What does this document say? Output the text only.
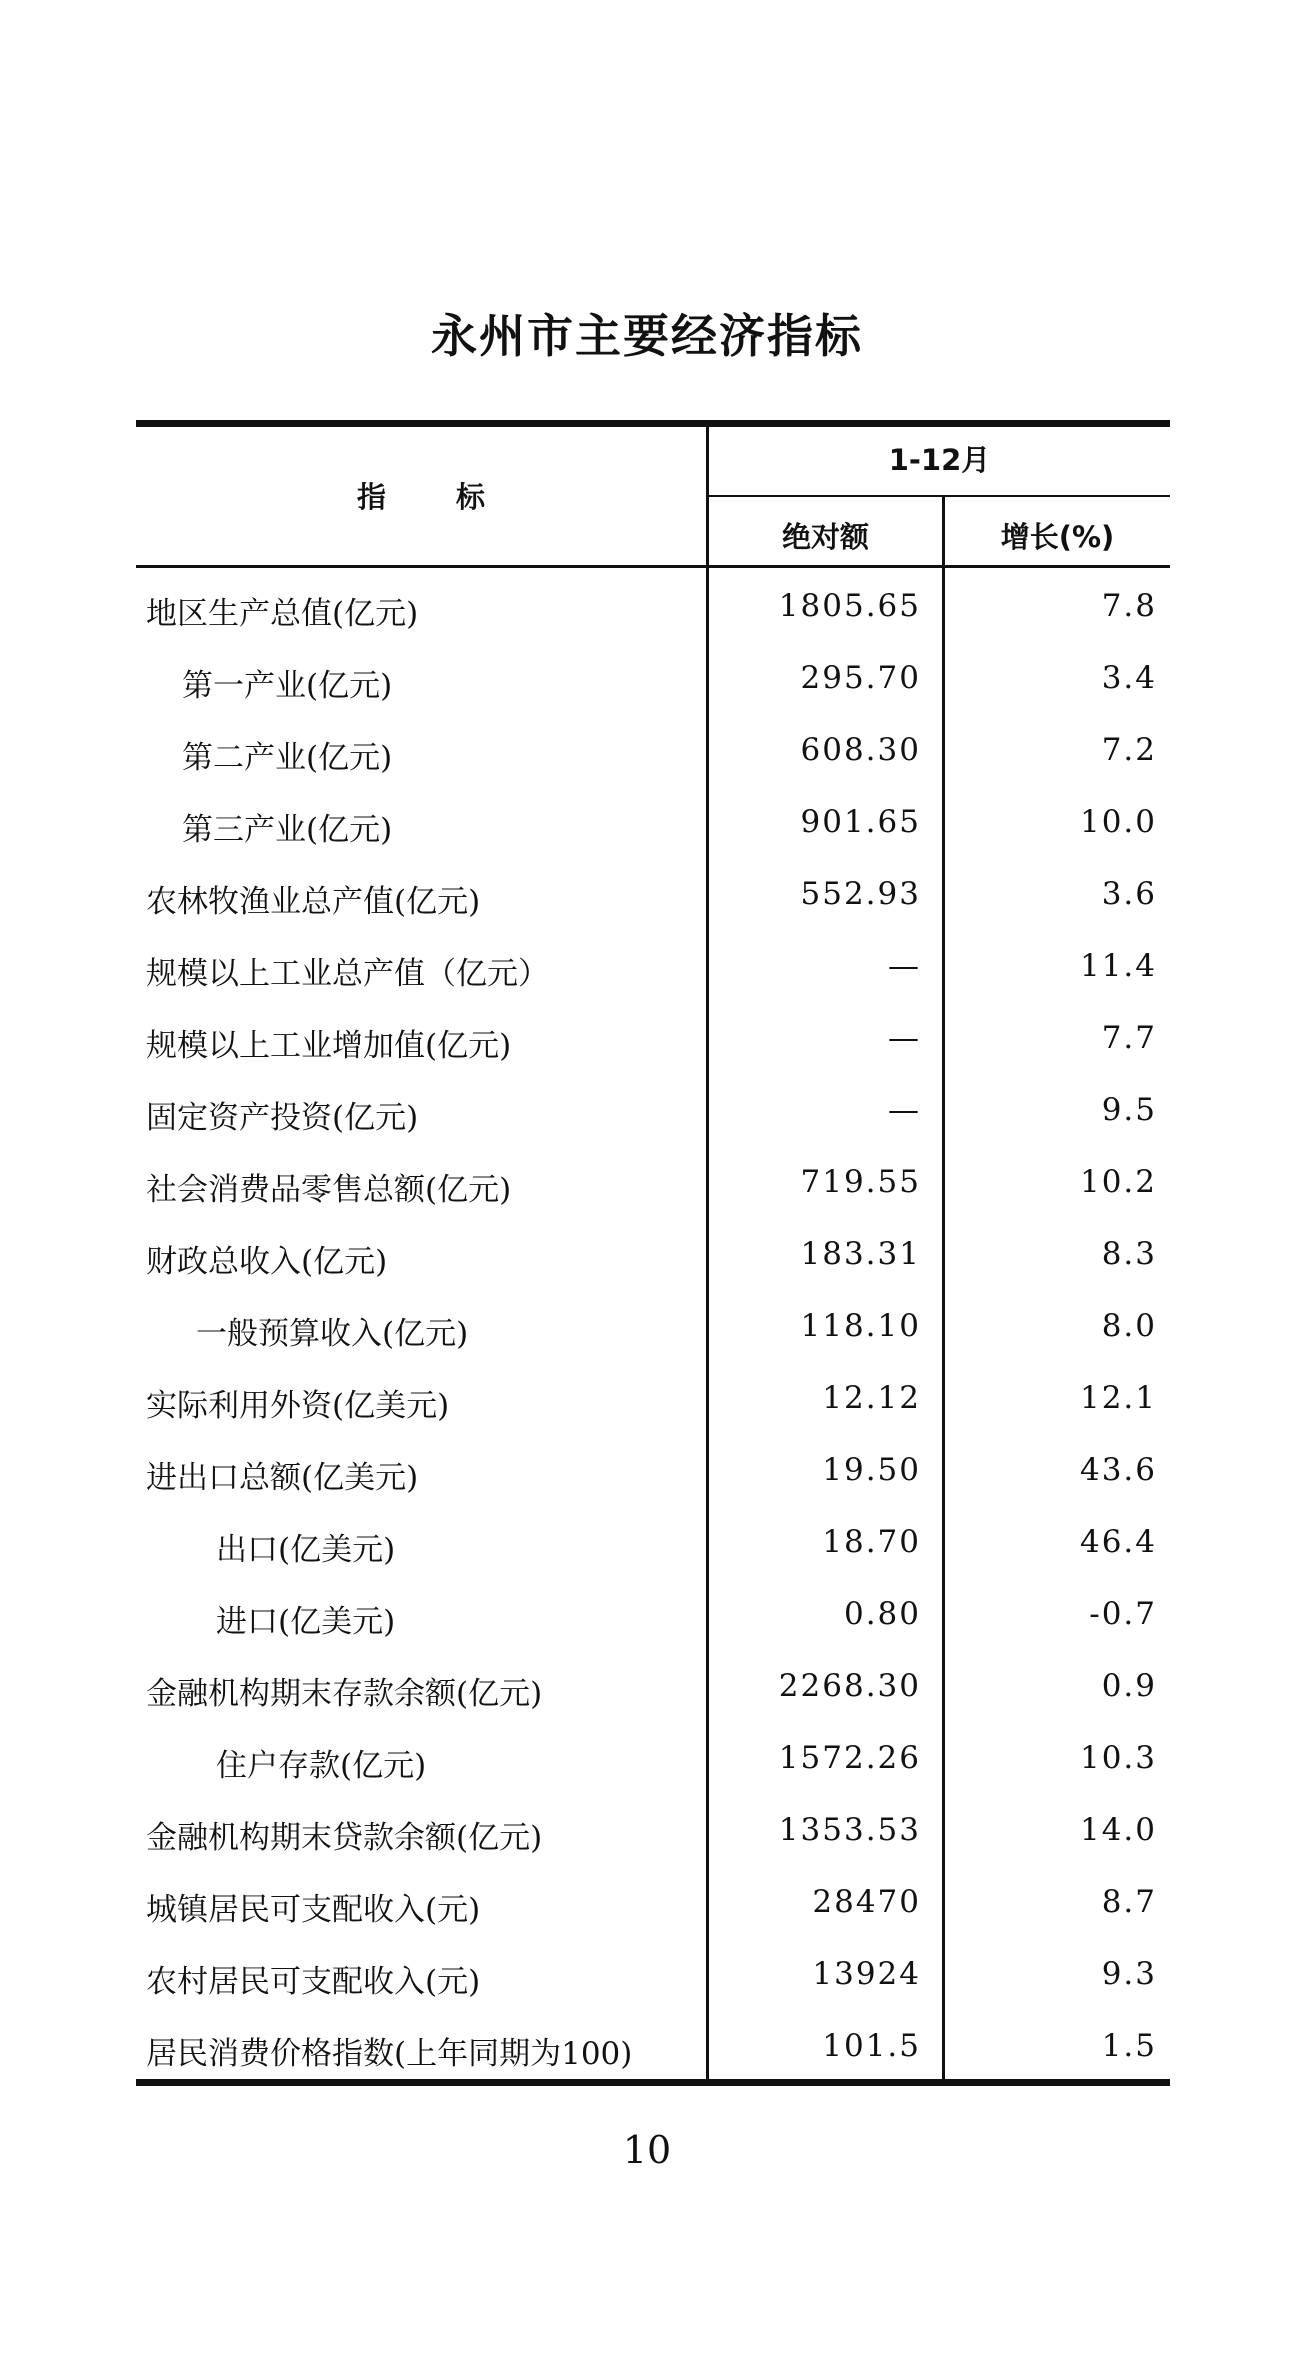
永州市主要经济指标
指标
1-12月
绝对额	增长(%)
地区生产总值(亿元)	1805.65	7.8
第一产业(亿元)	295.70	3.4
第二产业(亿元)	608.30	7.2
第三产业(亿元)	901.65	10.0
农林牧渔业总产值(亿元)	552.93	3.6
规模以上工业总产值（亿元）	—	11.4
规模以上工业增加值(亿元)	—	7.7
固定资产投资(亿元)	—	9.5
社会消费品零售总额(亿元)	719.55	10.2
财政总收入(亿元)	183.31	8.3
一般预算收入(亿元)	118.10	8.0
实际利用外资(亿美元)	12.12	12.1
进出口总额(亿美元)	19.50	43.6
出口(亿美元)	18.70	46.4
进口(亿美元)	0.80	-0.7
金融机构期末存款余额(亿元)	2268.30	0.9
住户存款(亿元)	1572.26	10.3
金融机构期末贷款余额(亿元)	1353.53	14.0
城镇居民可支配收入(元)	28470	8.7
农村居民可支配收入(元)	13924	9.3
居民消费价格指数(上年同期为100)	101.5	1.5
10
